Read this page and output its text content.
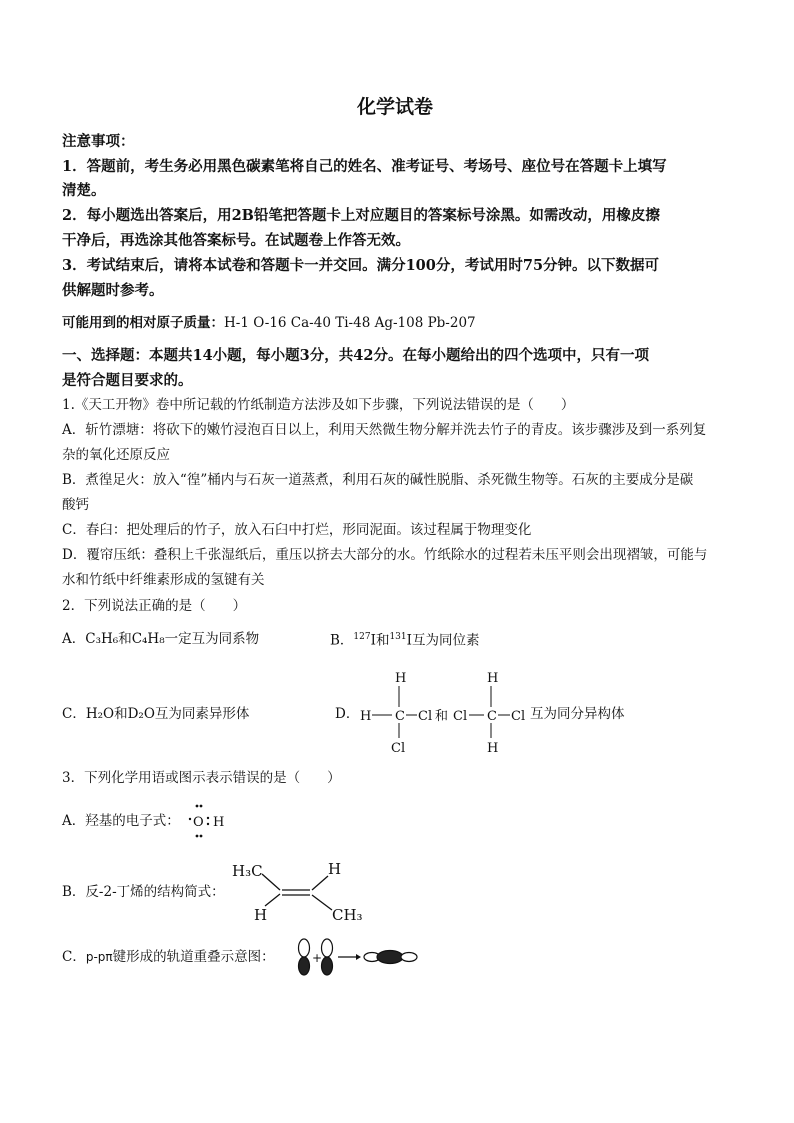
化学试卷
注意事项：
1．答题前，考生务必用黑色碳素笔将自己的姓名、准考证号、考场号、座位号在答题卡上填写
清楚。
2．每小题选出答案后，用2B铅笔把答题卡上对应题目的答案标号涂黑。如需改动，用橡皮擦
干净后，再选涂其他答案标号。在试题卷上作答无效。
3．考试结束后，请将本试卷和答题卡一并交回。满分100分，考试用时75分钟。以下数据可
供解题时参考。
可能用到的相对原子质量：H-1 O-16 Ca-40 Ti-48 Ag-108 Pb-207
一、选择题：本题共14小题，每小题3分，共42分。在每小题给出的四个选项中，只有一项
是符合题目要求的。
1.《天工开物》卷中所记载的竹纸制造方法涉及如下步骤，下列说法错误的是（　　）
A．斩竹漂塘：将砍下的嫩竹浸泡百日以上，利用天然微生物分解并洗去竹子的青皮。该步骤涉及到一系列复
杂的氧化还原反应
B．煮徨足火：放入“徨”桶内与石灰一道蒸煮，利用石灰的碱性脱脂、杀死微生物等。石灰的主要成分是碳
酸钙
C．春臼：把处理后的竹子，放入石臼中打烂，形同泥面。该过程属于物理变化
D．覆帘压纸：叠积上千张湿纸后，重压以挤去大部分的水。竹纸除水的过程若未压平则会出现褶皱，可能与
水和竹纸中纤维素形成的氢键有关
2．下列说法正确的是（　　）
A．C₃H₆和C₄H₈一定互为同系物	B．$^{127}$I和$^{131}$I互为同位素
C．H₂O和D₂O互为同素异形体	D．
H
H C Cl
Cl
和 Cl
H
C Cl
H
互为同分异构体
3．下列化学用语或图示表示错误的是（　　）
A．羟基的电子式： O H
B．反-2-丁烯的结构简式：
H₃C	H
H	CH₃
C．p-pπ键形成的轨道重叠示意图：	+
